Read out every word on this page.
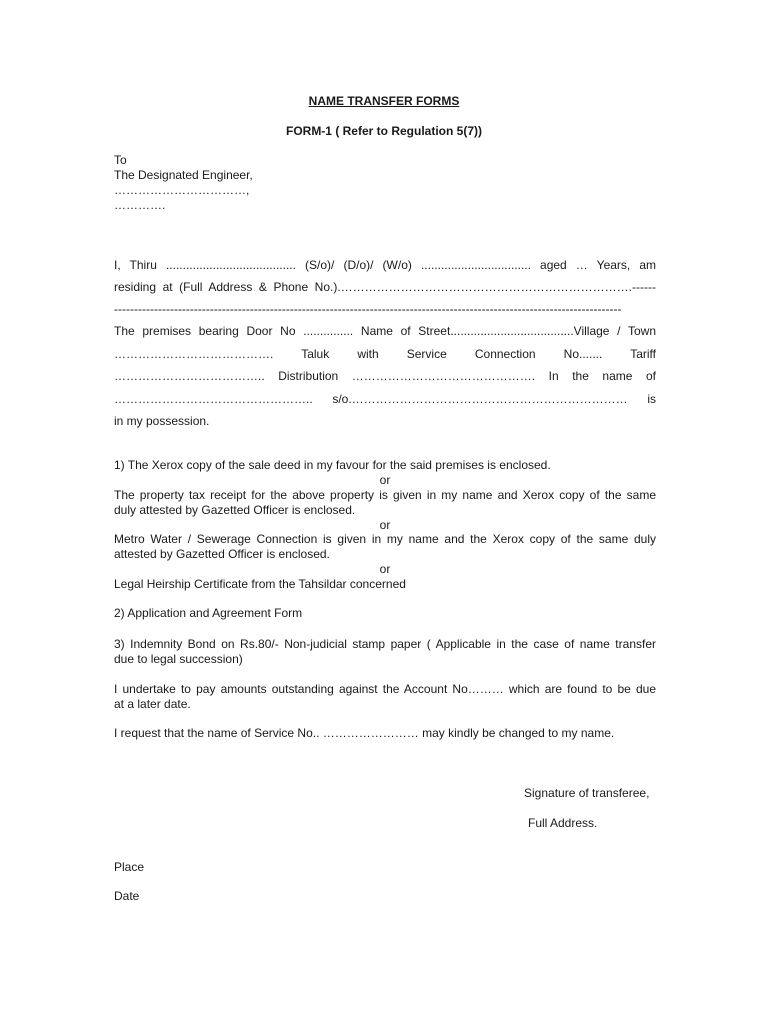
NAME TRANSFER FORMS
FORM-1 ( Refer to Regulation 5(7))
To
The Designated Engineer,
……………………………,
………….
I, Thiru ....................................... (S/o)/ (D/o)/ (W/o) ................................. aged … Years, am
residing at (Full Address & Phone No.).……………………………………………………………….------
-------------------------------------------------------------------------------------------------------------------------------
The premises bearing Door No ............... Name of Street.....................................Village / Town
…………………………………. Taluk with Service Connection No....... Tariff
……………………………….. Distribution ………………………………………. In the name of
………………………………………….. s/o.…………………………………………………………… is
in my possession.
1) The Xerox copy of the sale deed in my favour for the said premises is enclosed.
or
The property tax receipt for the above property is given in my name and Xerox copy of the same
duly attested by Gazetted Officer is enclosed.
or
Metro Water / Sewerage Connection is given in my name and the Xerox copy of the same duly
attested by Gazetted Officer is enclosed.
or
Legal Heirship Certificate from the Tahsildar concerned
2) Application and Agreement Form
3) Indemnity Bond on Rs.80/- Non-judicial stamp paper ( Applicable in the case of name transfer
due to legal succession)
I undertake to pay amounts outstanding against the Account No……… which are found to be due
at a later date.
I request that the name of Service No.. …………………… may kindly be changed to my name.
Signature of transferee,
Full Address.
Place
Date
